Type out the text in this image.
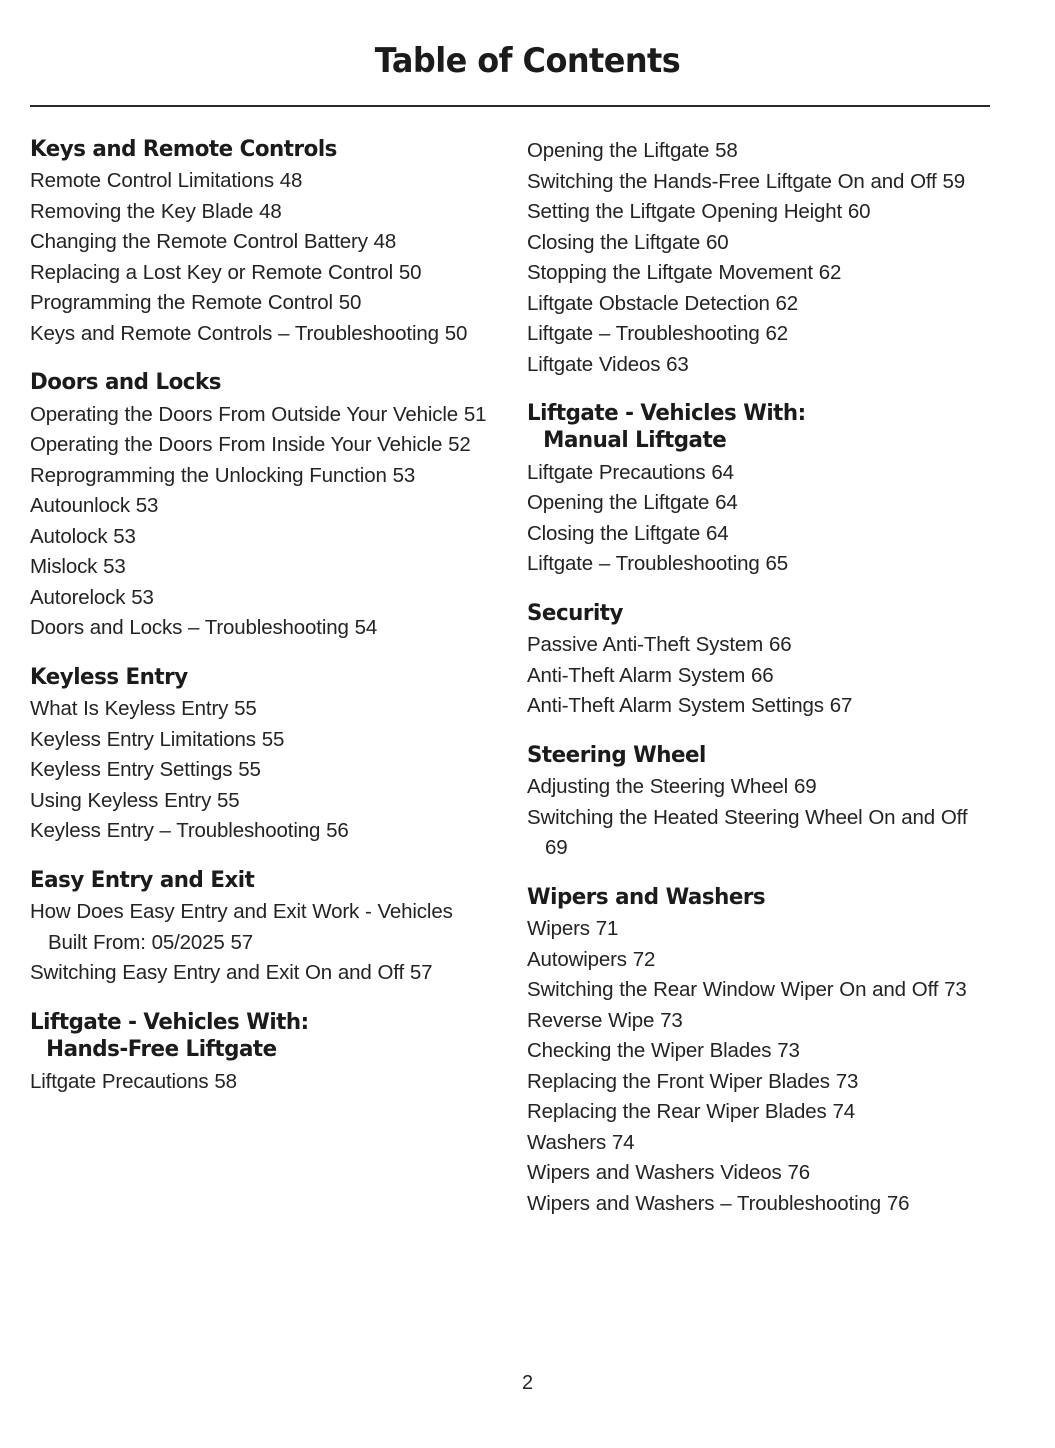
Table of Contents
Keys and Remote Controls
Remote Control Limitations 48
Removing the Key Blade 48
Changing the Remote Control Battery 48
Replacing a Lost Key or Remote Control 50
Programming the Remote Control 50
Keys and Remote Controls – Troubleshooting 50
Doors and Locks
Operating the Doors From Outside Your Vehicle 51
Operating the Doors From Inside Your Vehicle 52
Reprogramming the Unlocking Function 53
Autounlock 53
Autolock 53
Mislock 53
Autorelock 53
Doors and Locks – Troubleshooting 54
Keyless Entry
What Is Keyless Entry 55
Keyless Entry Limitations 55
Keyless Entry Settings 55
Using Keyless Entry 55
Keyless Entry – Troubleshooting 56
Easy Entry and Exit
How Does Easy Entry and Exit Work - Vehicles Built From: 05/2025 57
Switching Easy Entry and Exit On and Off 57
Liftgate - Vehicles With:
Hands-Free Liftgate
Liftgate Precautions 58
Opening the Liftgate 58
Switching the Hands-Free Liftgate On and Off 59
Setting the Liftgate Opening Height 60
Closing the Liftgate 60
Stopping the Liftgate Movement 62
Liftgate Obstacle Detection 62
Liftgate – Troubleshooting 62
Liftgate Videos 63
Liftgate - Vehicles With:
Manual Liftgate
Liftgate Precautions 64
Opening the Liftgate 64
Closing the Liftgate 64
Liftgate – Troubleshooting 65
Security
Passive Anti-Theft System 66
Anti-Theft Alarm System 66
Anti-Theft Alarm System Settings 67
Steering Wheel
Adjusting the Steering Wheel 69
Switching the Heated Steering Wheel On and Off 69
Wipers and Washers
Wipers 71
Autowipers 72
Switching the Rear Window Wiper On and Off 73
Reverse Wipe 73
Checking the Wiper Blades 73
Replacing the Front Wiper Blades 73
Replacing the Rear Wiper Blades 74
Washers 74
Wipers and Washers Videos 76
Wipers and Washers – Troubleshooting 76
2
